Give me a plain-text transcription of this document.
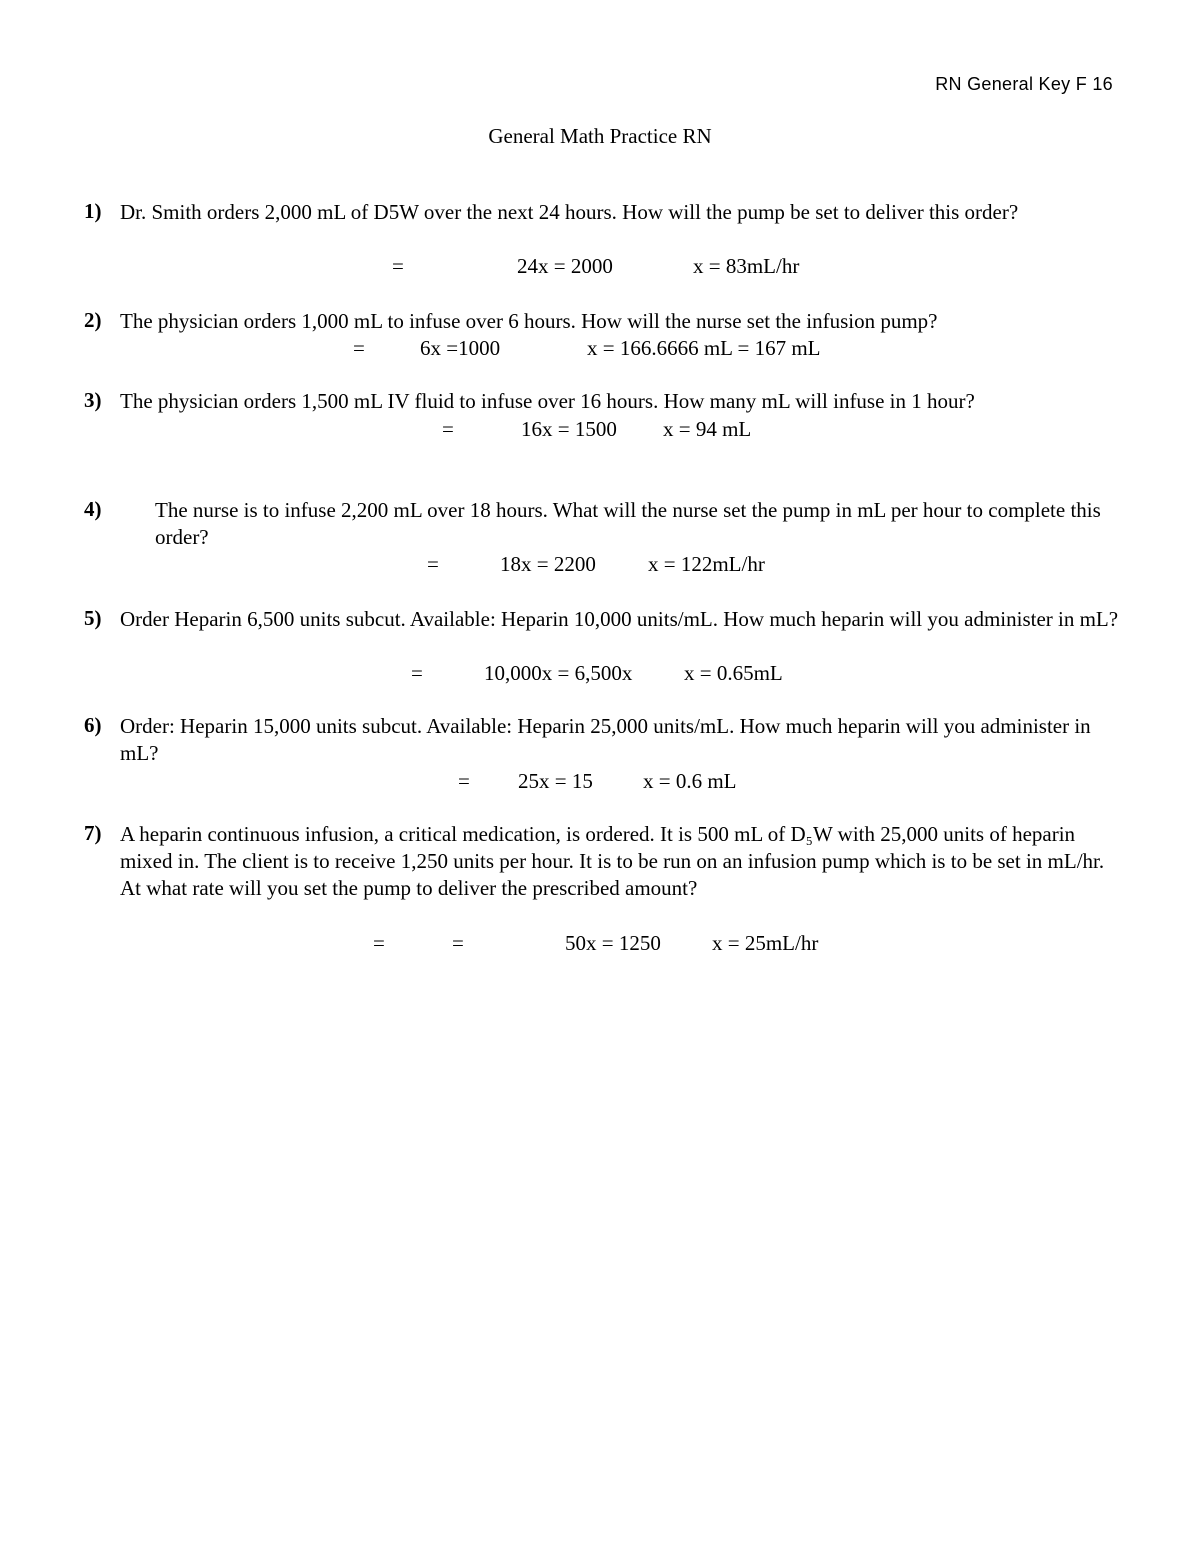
RN General Key F 16
General Math Practice RN
1) Dr. Smith orders 2,000 mL of D5W over the next 24 hours. How will the pump be set to deliver this order?
=	24x = 2000	x = 83mL/hr
2) The physician orders 1,000 mL to infuse over 6 hours. How will the nurse set the infusion pump?
=	6x =1000	x = 166.6666 mL = 167 mL
3) The physician orders 1,500 mL IV fluid to infuse over 16 hours. How many mL will infuse in 1 hour?
=	16x = 1500 x = 94 mL
4)	The nurse is to infuse 2,200 mL over 18 hours. What will the nurse set the pump in mL per hour to complete this order?
=	18x = 2200 x = 122mL/hr
5) Order Heparin 6,500 units subcut. Available: Heparin 10,000 units/mL. How much heparin will you administer in mL?
=	10,000x = 6,500x x = 0.65mL
6) Order: Heparin 15,000 units subcut. Available: Heparin 25,000 units/mL. How much heparin will you administer in mL?
= 25x = 15 x = 0.6 mL
7) A heparin continuous infusion, a critical medication, is ordered. It is 500 mL of D₅W with 25,000 units of heparin mixed in. The client is to receive 1,250 units per hour. It is to be run on an infusion pump which is to be set in mL/hr. At what rate will you set the pump to deliver the prescribed amount?
=	=	50x = 1250 x = 25mL/hr
